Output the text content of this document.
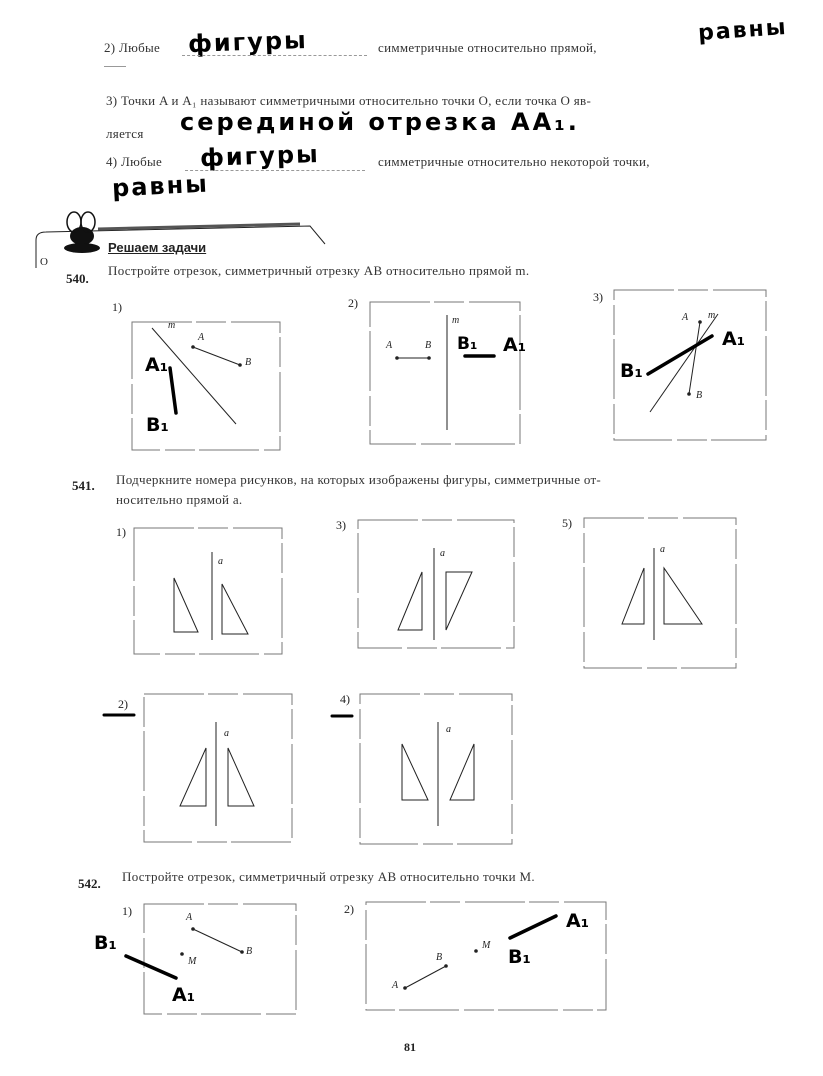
2) Любые фигуры	симметричные относительно прямой,
равны
3) Точки A и A₁ называют симметричными относительно точки O, если точка O яв-
ляется серединой отрезка AA₁.
4) Любые фигуры	симметричные относительно некоторой точки,
равны
O
Решаем задачи
540.
Постройте отрезок, симметричный отрезку AB относительно прямой m.
1)
m
A
B
A₁
B₁
2)
m
A	B B₁ A₁
3)
m
A
B
A₁
B₁
541. Подчеркните номера рисунков, на которых изображены фигуры, симметричные от-
носительно прямой a.
1)
a
3)
a
5)
a
2)
a
4)
a
542. Постройте отрезок, симметричный отрезку AB относительно точки M.
1)	A
B
M
B₁
A₁
2)
A
B
M
A₁
B₁
81
